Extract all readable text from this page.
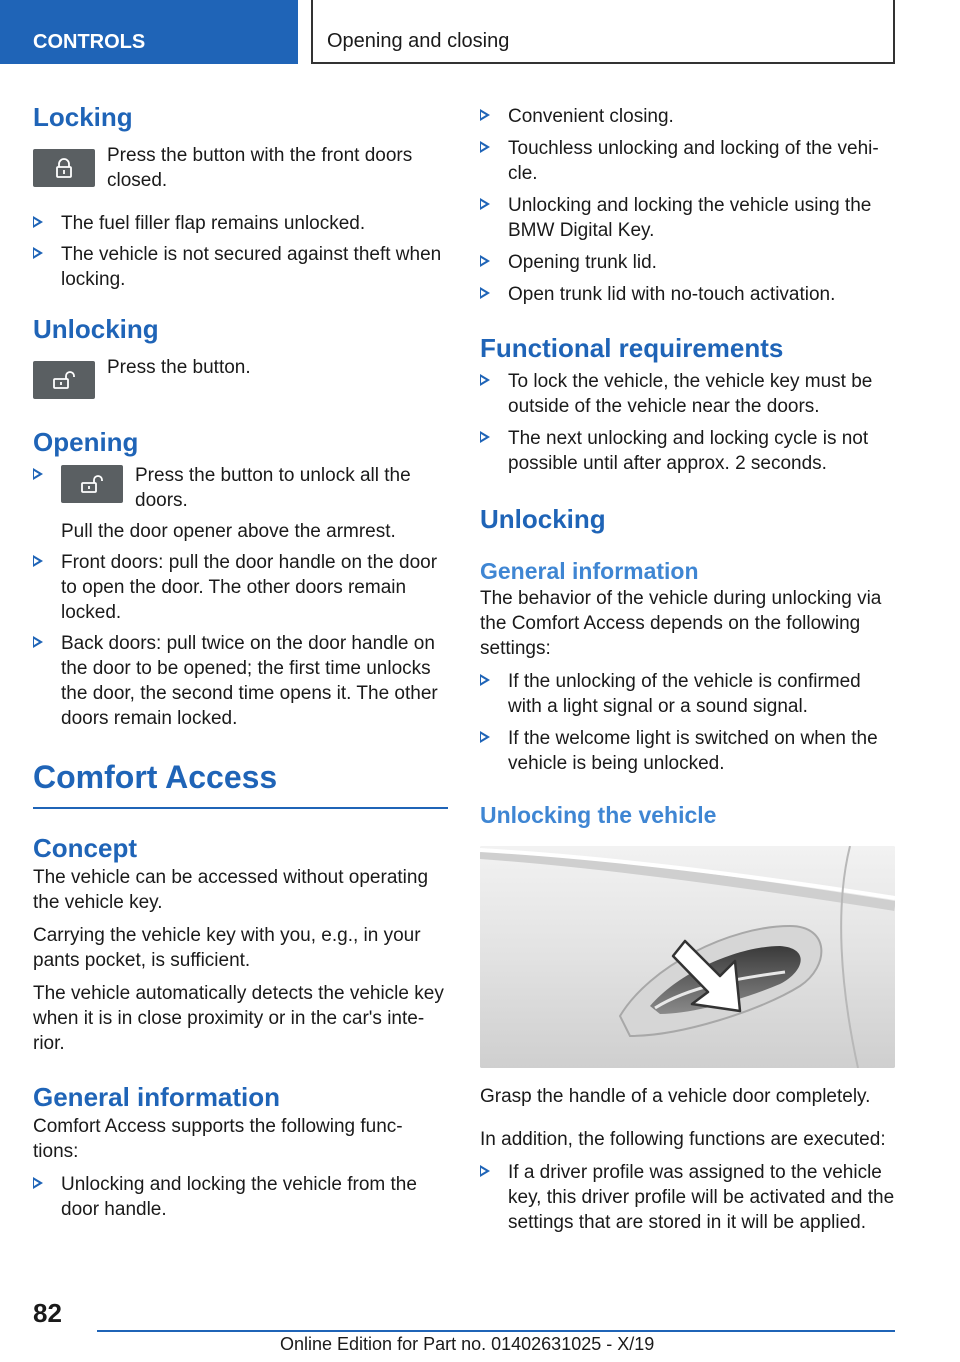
CONTROLS	Opening and closing
Locking

Press the button with the front doors closed.

The fuel filler flap remains unlocked.
The vehicle is not secured against theft when locking.
Unlocking

Press the button.

Opening
Press the button to unlock all the doors.
Pull the door opener above the armrest.
Front doors: pull the door handle on the door to open the door. The other doors remain locked.
Back doors: pull twice on the door handle on the door to be opened; the first time unlocks the door, the second time opens it. The other doors remain locked.
Comfort Access
Concept

The vehicle can be accessed without operating the vehicle key.

Carrying the vehicle key with you, e.g., in your pants pocket, is sufficient.

The vehicle automatically detects the vehicle key when it is in close proximity or in the car's inte-rior.

General information

Comfort Access supports the following func-tions:

Unlocking and locking the vehicle from the door handle.
Convenient closing.
Touchless unlocking and locking of the vehi-cle.
Unlocking and locking the vehicle using the BMW Digital Key.
Opening trunk lid.
Open trunk lid with no-touch activation.
Functional requirements
To lock the vehicle, the vehicle key must be outside of the vehicle near the doors.
The next unlocking and locking cycle is not possible until after approx. 2 seconds.
Unlocking
General information

The behavior of the vehicle during unlocking via the Comfort Access depends on the following settings:

If the unlocking of the vehicle is confirmed with a light signal or a sound signal.
If the welcome light is switched on when the vehicle is being unlocked.
Unlocking the vehicle

Grasp the handle of a vehicle door completely.

In addition, the following functions are executed:

If a driver profile was assigned to the vehicle key, this driver profile will be activated and the settings that are stored in it will be applied.
82
Online Edition for Part no. 01402631025 - X/19
